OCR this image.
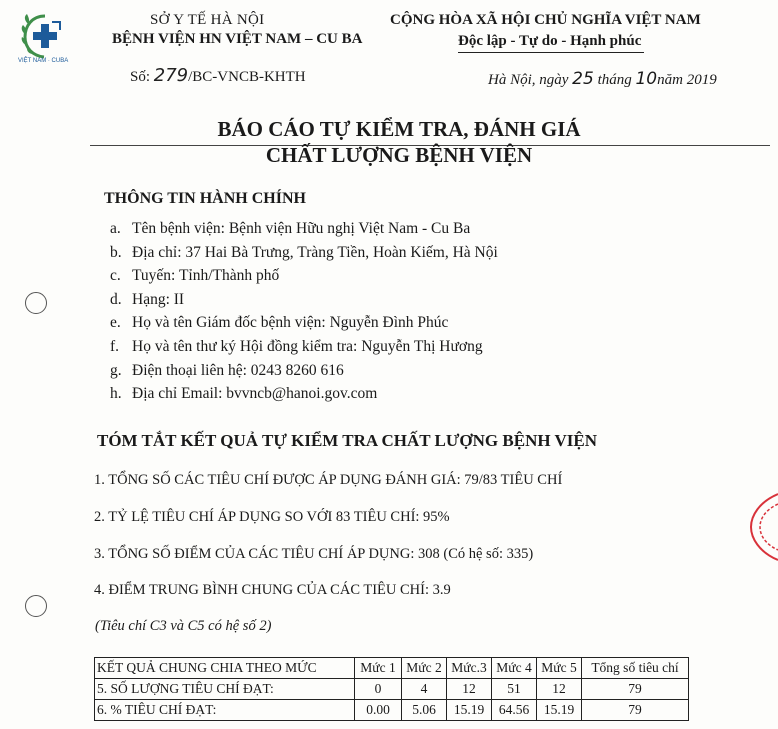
VIỆT NAM · CUBA
SỞ Y TẾ HÀ NỘI
BỆNH VIỆN HN VIỆT NAM – CU BA
Số: 279/BC-VNCB-KHTH
CỘNG HÒA XÃ HỘI CHỦ NGHĨA VIỆT NAM
Độc lập - Tự do - Hạnh phúc
Hà Nội, ngày 25 tháng 10năm 2019
BÁO CÁO TỰ KIỂM TRA, ĐÁNH GIÁ
CHẤT LƯỢNG BỆNH VIỆN
THÔNG TIN HÀNH CHÍNH
a. Tên bệnh viện: Bệnh viện Hữu nghị Việt Nam - Cu Ba
b. Địa chỉ: 37 Hai Bà Trưng, Tràng Tiền, Hoàn Kiếm, Hà Nội
c. Tuyến: Tỉnh/Thành phố
d. Hạng: II
e. Họ và tên Giám đốc bệnh viện: Nguyễn Đình Phúc
f. Họ và tên thư ký Hội đồng kiểm tra: Nguyễn Thị Hương
g. Điện thoại liên hệ: 0243 8260 616
h. Địa chỉ Email: bvvncb@hanoi.gov.com
TÓM TẮT KẾT QUẢ TỰ KIỂM TRA CHẤT LƯỢNG BỆNH VIỆN
1. TỔNG SỐ CÁC TIÊU CHÍ ĐƯỢC ÁP DỤNG ĐÁNH GIÁ: 79/83 TIÊU CHÍ
2. TỶ LỆ TIÊU CHÍ ÁP DỤNG SO VỚI 83 TIÊU CHÍ: 95%
3. TỔNG SỐ ĐIỂM CỦA CÁC TIÊU CHÍ ÁP DỤNG: 308 (Có hệ số: 335)
4. ĐIỂM TRUNG BÌNH CHUNG CỦA CÁC TIÊU CHÍ: 3.9
(Tiêu chí C3 và C5 có hệ số 2)
KẾT QUẢ CHUNG CHIA THEO MỨC	Mức 1	Mức 2	Mức.3	Mức 4	Mức 5	Tổng số tiêu chí
5. SỐ LƯỢNG TIÊU CHÍ ĐẠT:	0	4	12	51	12	79
6. % TIÊU CHÍ ĐẠT:	0.00	5.06	15.19	64.56	15.19	79
